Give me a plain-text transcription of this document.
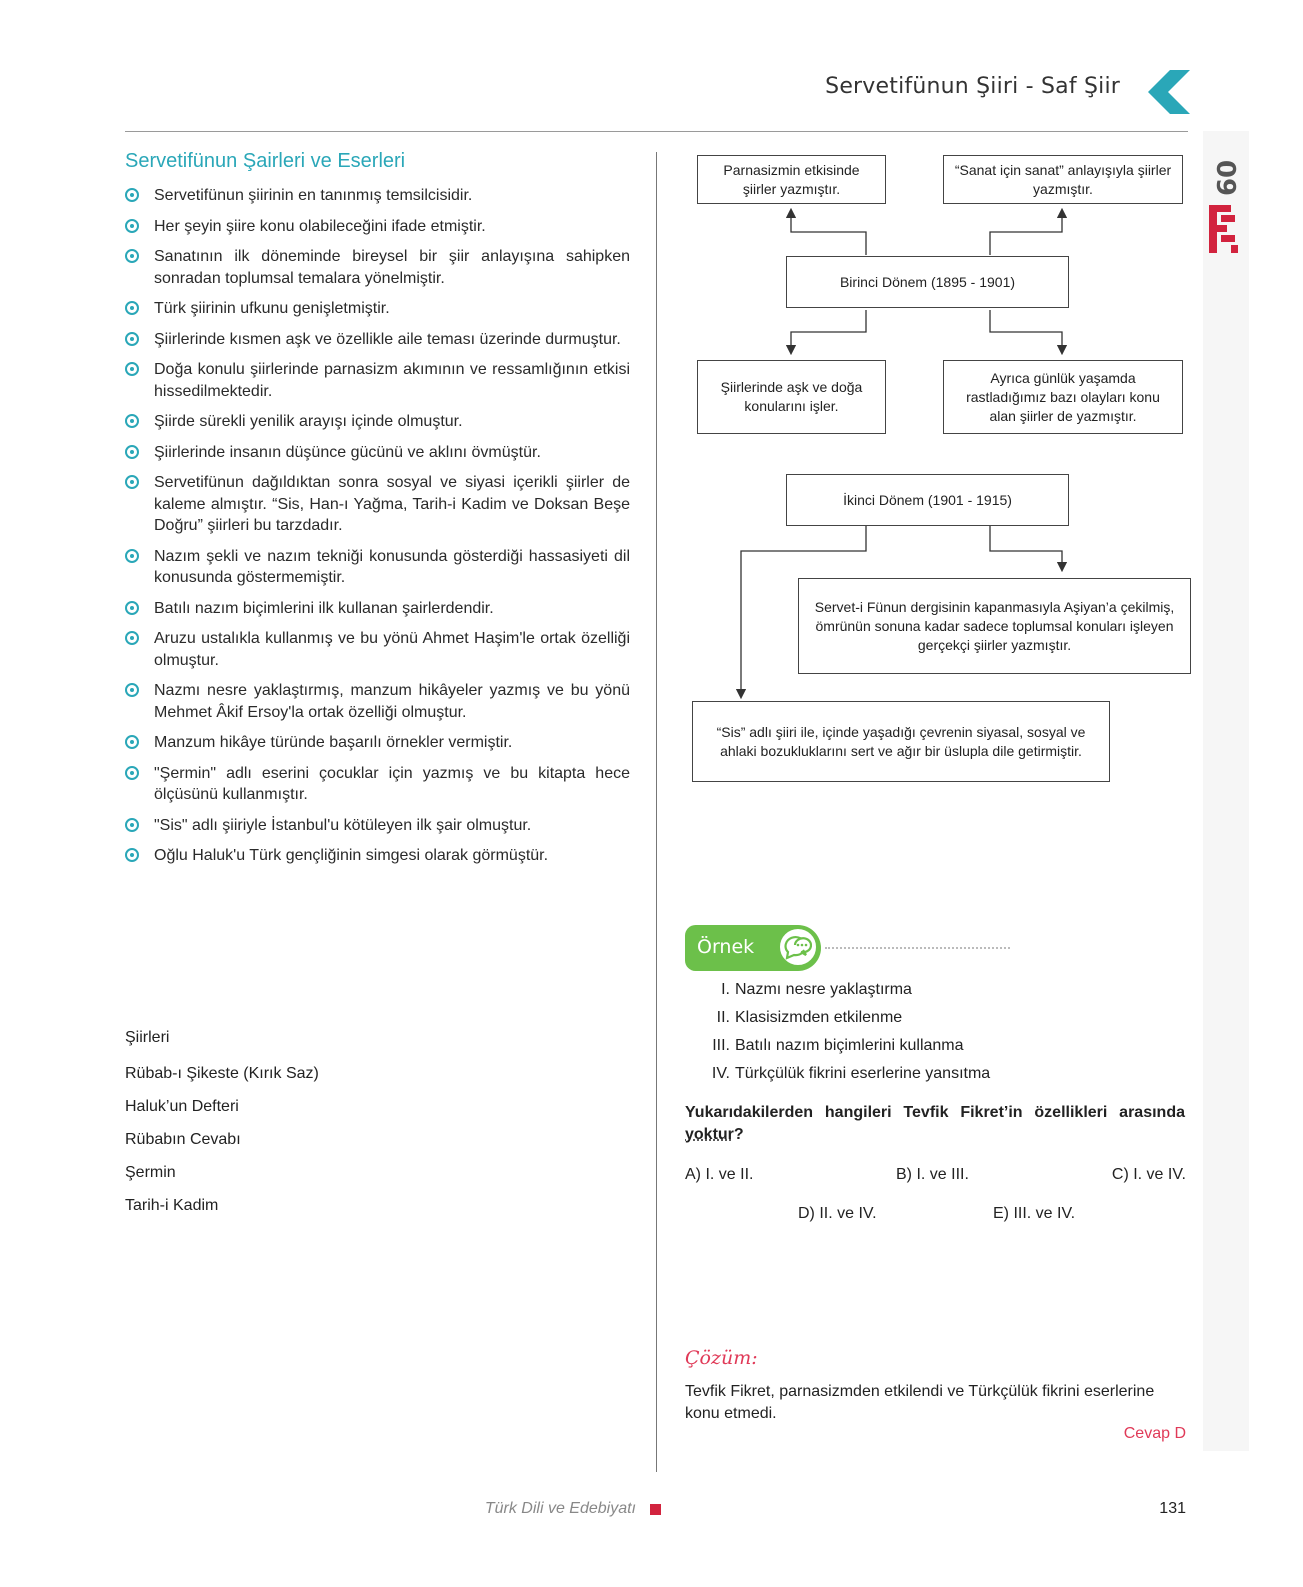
Servetifünun Şiiri - Saf Şiir
09
Servetifünun Şairleri ve Eserleri
Servetifünun şiirinin en tanınmış temsilcisidir.
Her şeyin şiire konu olabileceğini ifade etmiştir.
Sanatının ilk döneminde bireysel bir şiir anlayışına sahipken sonradan toplumsal temalara yönelmiştir.
Türk şiirinin ufkunu genişletmiştir.
Şiirlerinde kısmen aşk ve özellikle aile teması üzerinde durmuştur.
Doğa konulu şiirlerinde parnasizm akımının ve ressamlığının etkisi hissedilmektedir.
Şiirde sürekli yenilik arayışı içinde olmuştur.
Şiirlerinde insanın düşünce gücünü ve aklını övmüştür.
Servetifünun dağıldıktan sonra sosyal ve siyasi içerikli şiirler de kaleme almıştır. “Sis, Han-ı Yağma, Tarih-i Kadim ve Doksan Beşe Doğru” şiirleri bu tarzdadır.
Nazım şekli ve nazım tekniği konusunda gösterdiği hassasiyeti dil konusunda göstermemiştir.
Batılı nazım biçimlerini ilk kullanan şairlerdendir.
Aruzu ustalıkla kullanmış ve bu yönü Ahmet Haşim'le ortak özelliği olmuştur.
Nazmı nesre yaklaştırmış, manzum hikâyeler yazmış ve bu yönü Mehmet Âkif Ersoy'la ortak özelliği olmuştur.
Manzum hikâye türünde başarılı örnekler vermiştir.
"Şermin" adlı eserini çocuklar için yazmış ve bu kitapta hece ölçüsünü kullanmıştır.
"Sis" adlı şiiriyle İstanbul'u kötüleyen ilk şair olmuştur.
Oğlu Haluk'u Türk gençliğinin simgesi olarak görmüştür.
Şiirleri
Rübab-ı Şikeste (Kırık Saz)
Haluk’un Defteri
Rübabın Cevabı
Şermin
Tarih-i Kadim
Parnasizmin etkisinde şiirler yazmıştır.
“Sanat için sanat” anlayışıyla şiirler yazmıştır.
Birinci Dönem (1895 - 1901)
Şiirlerinde aşk ve doğa konularını işler.
Ayrıca günlük yaşamda rastladığımız bazı olayları konu alan şiirler de yazmıştır.
İkinci Dönem (1901 - 1915)
Servet-i Fünun dergisinin kapanmasıyla Aşiyan’a çekilmiş, ömrünün sonuna kadar sadece toplumsal konuları işleyen gerçekçi şiirler yazmıştır.
“Sis” adlı şiiri ile, içinde yaşadığı çevrenin siyasal, sosyal ve ahlaki bozukluklarını sert ve ağır bir üslupla dile getirmiştir.
Örnek
I. Nazmı nesre yaklaştırma
II. Klasisizmden etkilenme
III. Batılı nazım biçimlerini kullanma
IV. Türkçülük fikrini eserlerine yansıtma
Yukarıdakilerden hangileri Tevfik Fikret’in özellikleri arasında yoktur?
A) I. ve II.	B) I. ve III.	C) I. ve IV.
D) II. ve IV.	E) III. ve IV.
Çözüm:
Tevfik Fikret, parnasizmden etkilendi ve Türkçülük fikrini eserlerine konu etmedi.
Cevap D
Türk Dili ve Edebiyatı	131
